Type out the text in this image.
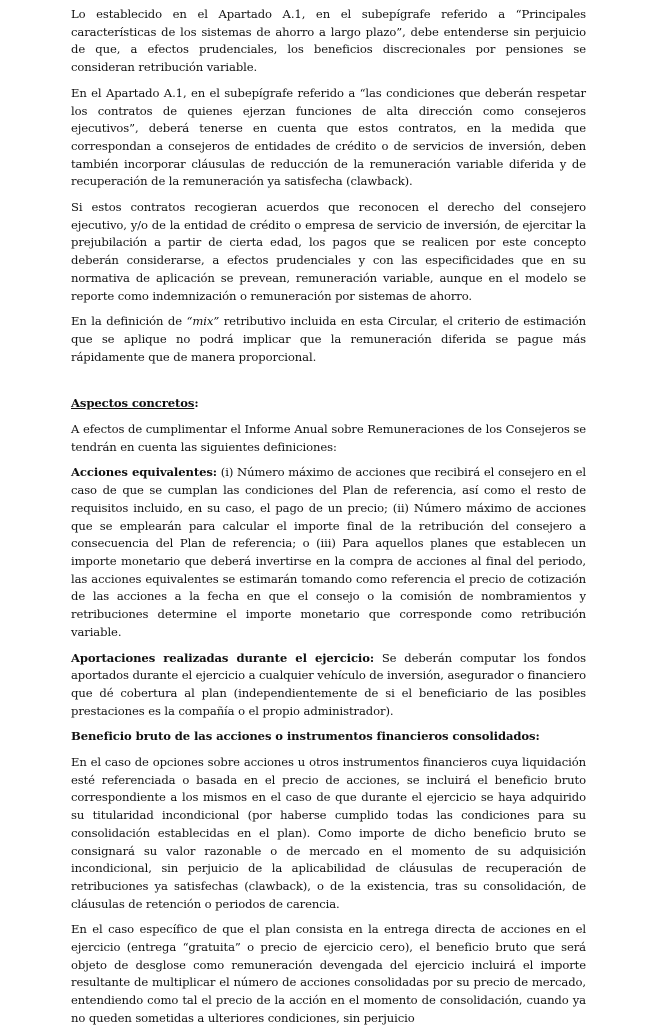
Lo establecido en el Apartado A.1, en el subepígrafe referido a “Principales características de los sistemas de ahorro a largo plazo”, debe entenderse sin perjuicio de que, a efectos prudenciales, los beneficios discrecionales por pensiones se consideran retribución variable.

En el Apartado A.1, en el subepígrafe referido a “las condiciones que deberán respetar los contratos de quienes ejerzan funciones de alta dirección como consejeros ejecutivos”, deberá tenerse en cuenta que estos contratos, en la medida que correspondan a consejeros de entidades de crédito o de servicios de inversión, deben también incorporar cláusulas de reducción de la remuneración variable diferida y de recuperación de la remuneración ya satisfecha (clawback).

Si estos contratos recogieran acuerdos que reconocen el derecho del consejero ejecutivo, y/o de la entidad de crédito o empresa de servicio de inversión, de ejercitar la prejubilación a partir de cierta edad, los pagos que se realicen por este concepto deberán considerarse, a efectos prudenciales y con las especificidades que en su normativa de aplicación se prevean, remuneración variable, aunque en el modelo se reporte como indemnización o remuneración por sistemas de ahorro.

En la definición de “mix” retributivo incluida en esta Circular, el criterio de estimación que se aplique no podrá implicar que la remuneración diferida se pague más rápidamente que de manera proporcional.

Aspectos concretos:

A efectos de cumplimentar el Informe Anual sobre Remuneraciones de los Consejeros se tendrán en cuenta las siguientes definiciones:

Acciones equivalentes: (i) Número máximo de acciones que recibirá el consejero en el caso de que se cumplan las condiciones del Plan de referencia, así como el resto de requisitos incluido, en su caso, el pago de un precio; (ii) Número máximo de acciones que se emplearán para calcular el importe final de la retribución del consejero a consecuencia del Plan de referencia; o (iii) Para aquellos planes que establecen un importe monetario que deberá invertirse en la compra de acciones al final del periodo, las acciones equivalentes se estimarán tomando como referencia el precio de cotización de las acciones a la fecha en que el consejo o la comisión de nombramientos y retribuciones determine el importe monetario que corresponde como retribución variable.

Aportaciones realizadas durante el ejercicio: Se deberán computar los fondos aportados durante el ejercicio a cualquier vehículo de inversión, asegurador o financiero que dé cobertura al plan (independientemente de si el beneficiario de las posibles prestaciones es la compañía o el propio administrador).

Beneficio bruto de las acciones o instrumentos financieros consolidados:

En el caso de opciones sobre acciones u otros instrumentos financieros cuya liquidación esté referenciada o basada en el precio de acciones, se incluirá el beneficio bruto correspondiente a los mismos en el caso de que durante el ejercicio se haya adquirido su titularidad incondicional (por haberse cumplido todas las condiciones para su consolidación establecidas en el plan). Como importe de dicho beneficio bruto se consignará su valor razonable o de mercado en el momento de su adquisición incondicional, sin perjuicio de la aplicabilidad de cláusulas de recuperación de retribuciones ya satisfechas (clawback), o de la existencia, tras su consolidación, de cláusulas de retención o periodos de carencia.

En el caso específico de que el plan consista en la entrega directa de acciones en el ejercicio (entrega “gratuita” o precio de ejercicio cero), el beneficio bruto que será objeto de desglose como remuneración devengada del ejercicio incluirá el importe resultante de multiplicar el número de acciones consolidadas por su precio de mercado, entendiendo como tal el precio de la acción en el momento de consolidación, cuando ya no queden sometidas a ulteriores condiciones, sin perjuicio
